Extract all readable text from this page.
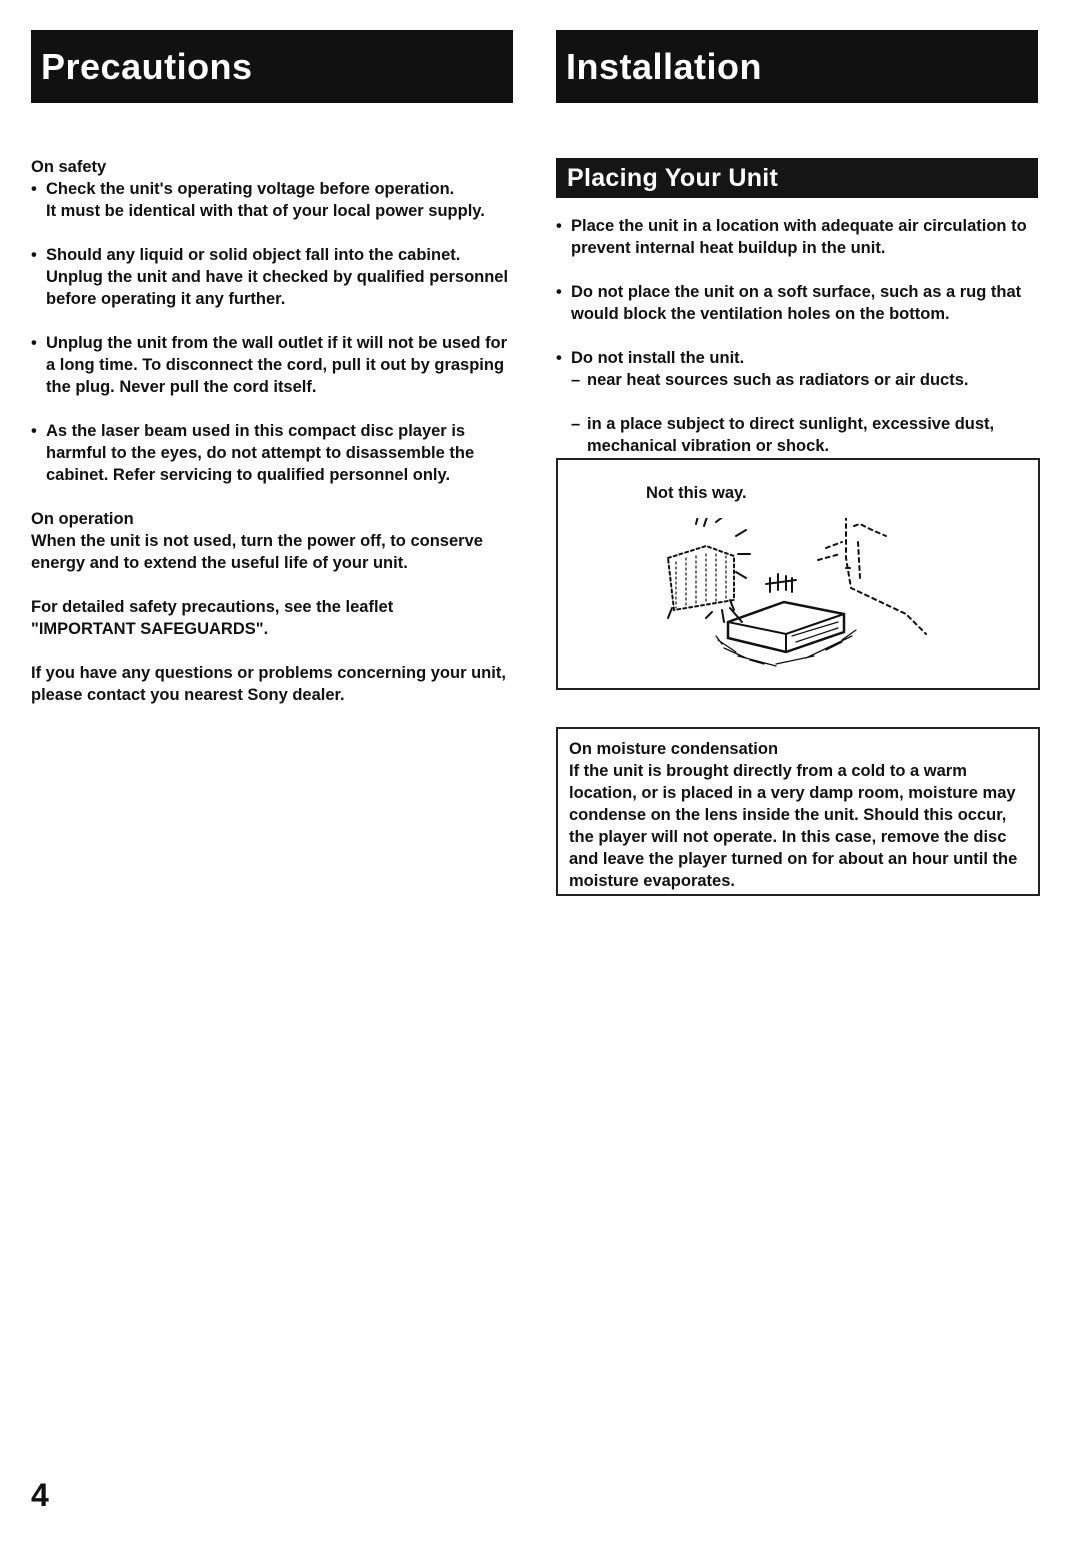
Precautions
On safety
• Check the unit's operating voltage before operation.
It must be identical with that of your local power supply.
• Should any liquid or solid object fall into the cabinet. Unplug the unit and have it checked by qualified personnel before operating it any further.
• Unplug the unit from the wall outlet if it will not be used for a long time. To disconnect the cord, pull it out by grasping the plug. Never pull the cord itself.
• As the laser beam used in this compact disc player is harmful to the eyes, do not attempt to disassemble the cabinet. Refer servicing to qualified personnel only.
On operation

When the unit is not used, turn the power off, to conserve energy and to extend the useful life of your unit.

For detailed safety precautions, see the leaflet "IMPORTANT SAFEGUARDS".

If you have any questions or problems concerning your unit, please contact you nearest Sony dealer.

Installation
Placing Your Unit
• Place the unit in a location with adequate air circulation to prevent internal heat buildup in the unit.
• Do not place the unit on a soft surface, such as a rug that would block the ventilation holes on the bottom.
• Do not install the unit.
– near heat sources such as radiators or air ducts.
– in a place subject to direct sunlight, excessive dust, mechanical vibration or shock.
Not this way.
On moisture condensation
If the unit is brought directly from a cold to a warm location, or is placed in a very damp room, moisture may condense on the lens inside the unit. Should this occur, the player will not operate. In this case, remove the disc and leave the player turned on for about an hour until the moisture evaporates.
4
